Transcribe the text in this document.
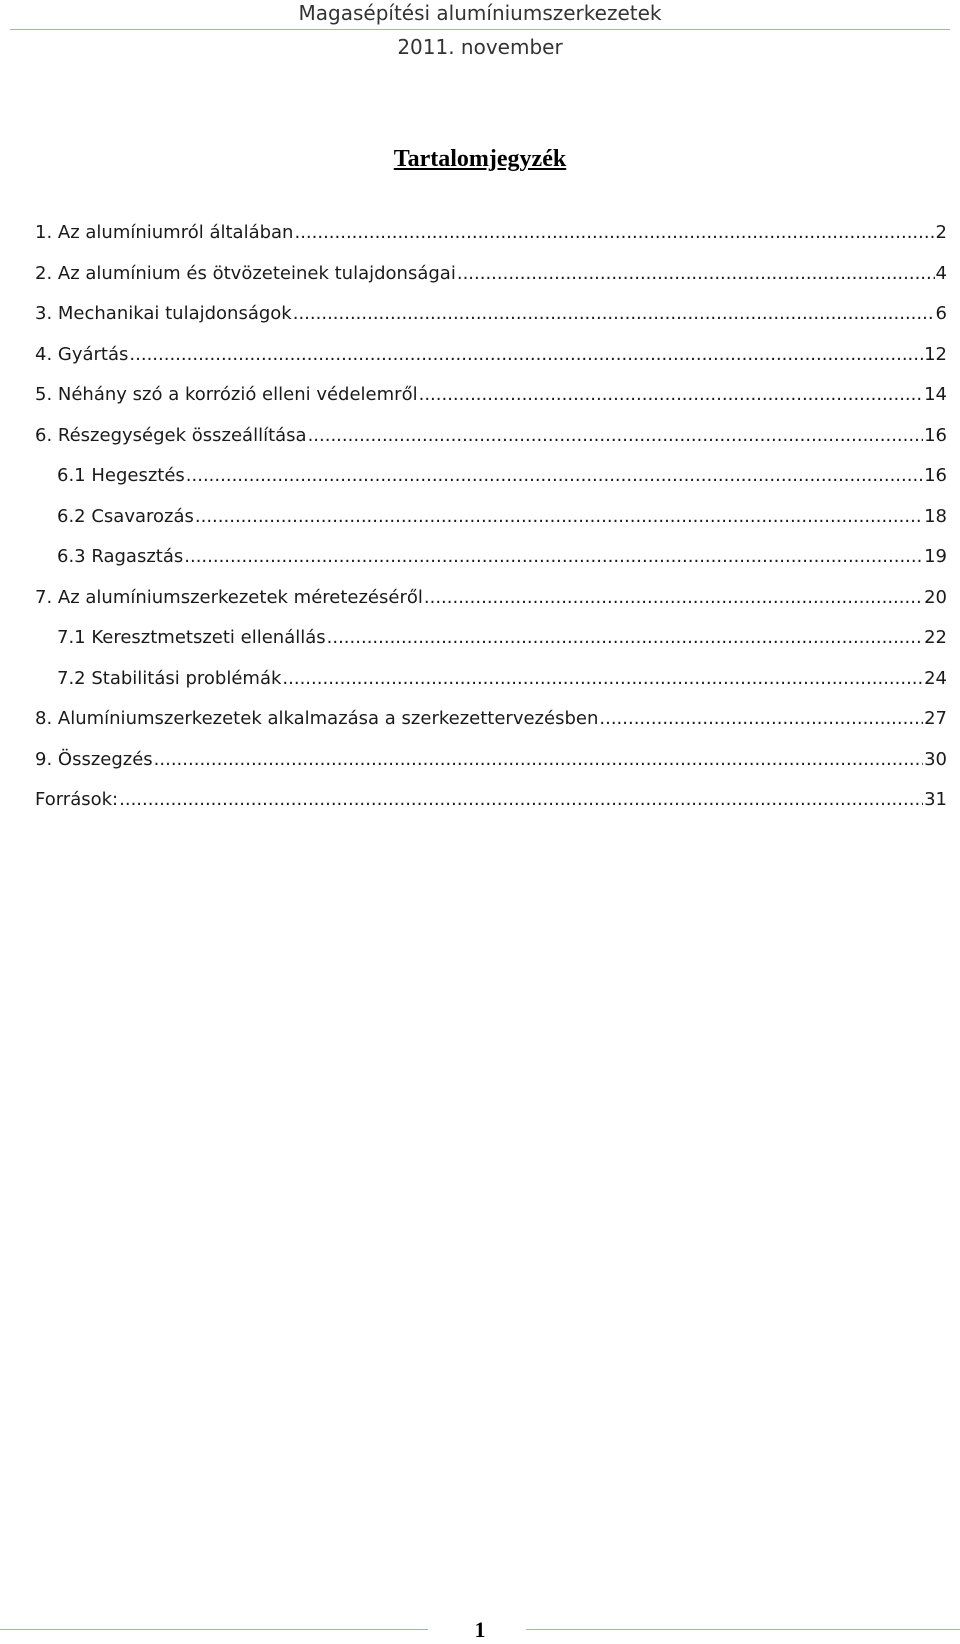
Magasépítési alumíniumszerkezetek
2011. november
Tartalomjegyzék
1. Az alumíniumról általában .....	2
2. Az alumínium és ötvözeteinek tulajdonságai .....	4
3. Mechanikai tulajdonságok .....	6
4. Gyártás .....	12
5. Néhány szó a korrózió elleni védelemről .....	14
6. Részegységek összeállítása .....	16
6.1 Hegesztés .....	16
6.2 Csavarozás .....	18
6.3 Ragasztás .....	19
7. Az alumíniumszerkezetek méretezéséről .....	20
7.1 Keresztmetszeti ellenállás .....	22
7.2 Stabilitási problémák .....	24
8. Alumíniumszerkezetek alkalmazása a szerkezettervezésben .....	27
9. Összegzés .....	30
Források: .....	31
1
